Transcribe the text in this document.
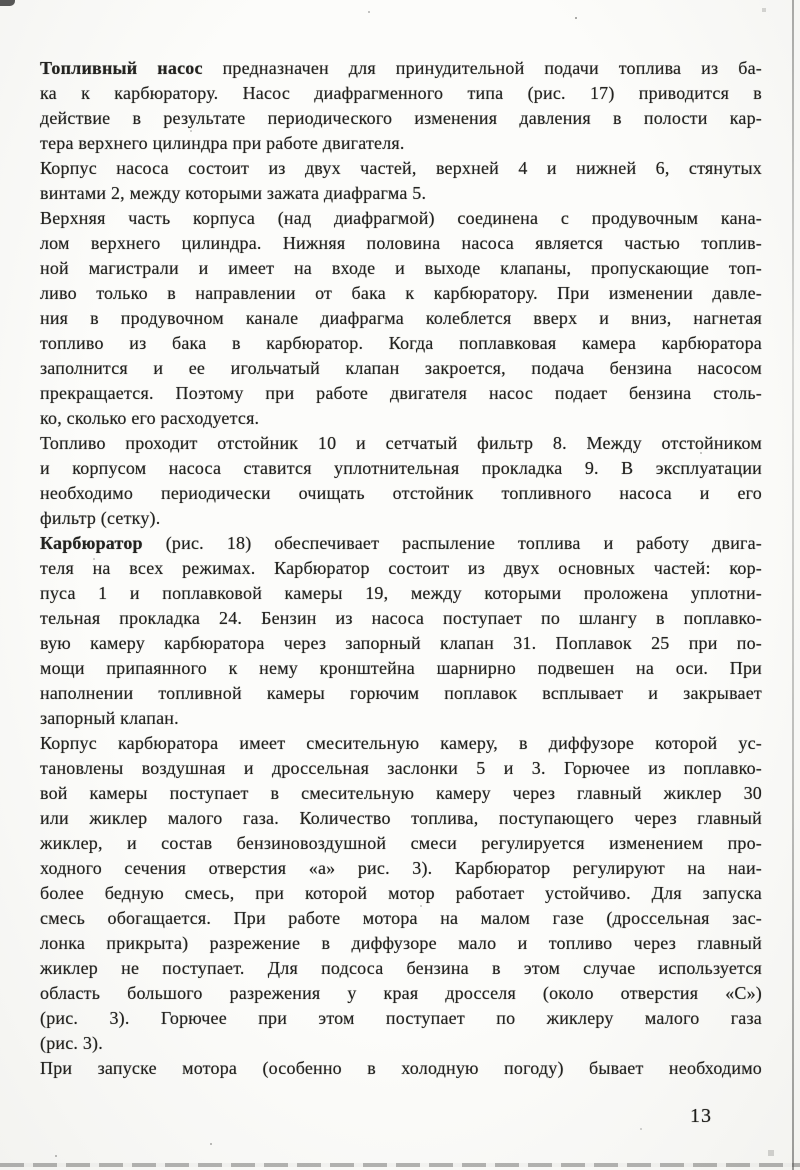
Топливный насос предназначен для принудительной подачи топлива из ба-
ка к карбюратору. Насос диафрагменного типа (рис. 17) приводится в
действие в результате периодического изменения давления в полости кар-
тера верхнего цилиндра при работе двигателя.
Корпус насоса состоит из двух частей, верхней 4 и нижней 6, стянутых
винтами 2, между которыми зажата диафрагма 5.
Верхняя часть корпуса (над диафрагмой) соединена с продувочным кана-
лом верхнего цилиндра. Нижняя половина насоса является частью топлив-
ной магистрали и имеет на входе и выходе клапаны, пропускающие топ-
ливо только в направлении от бака к карбюратору. При изменении давле-
ния в продувочном канале диафрагма колеблется вверх и вниз, нагнетая
топливо из бака в карбюратор. Когда поплавковая камера карбюратора
заполнится и ее игольчатый клапан закроется, подача бензина насосом
прекращается. Поэтому при работе двигателя насос подает бензина столь-
ко, сколько его расходуется.
Топливо проходит отстойник 10 и сетчатый фильтр 8. Между отстойником
и корпусом насоса ставится уплотнительная прокладка 9. В эксплуатации
необходимо периодически очищать отстойник топливного насоса и его
фильтр (сетку).
Карбюратор (рис. 18) обеспечивает распыление топлива и работу двига-
теля на всех режимах. Карбюратор состоит из двух основных частей: кор-
пуса 1 и поплавковой камеры 19, между которыми проложена уплотни-
тельная прокладка 24. Бензин из насоса поступает по шлангу в поплавко-
вую камеру карбюратора через запорный клапан 31. Поплавок 25 при по-
мощи припаянного к нему кронштейна шарнирно подвешен на оси. При
наполнении топливной камеры горючим поплавок всплывает и закрывает
запорный клапан.
Корпус карбюратора имеет смесительную камеру, в диффузоре которой ус-
тановлены воздушная и дроссельная заслонки 5 и 3. Горючее из поплавко-
вой камеры поступает в смесительную камеру через главный жиклер 30
или жиклер малого газа. Количество топлива, поступающего через главный
жиклер, и состав бензиновоздушной смеси регулируется изменением про-
ходного сечения отверстия «а» рис. 3). Карбюратор регулируют на наи-
более бедную смесь, при которой мотор работает устойчиво. Для запуска
смесь обогащается. При работе мотора на малом газе (дроссельная зас-
лонка прикрыта) разрежение в диффузоре мало и топливо через главный
жиклер не поступает. Для подсоса бензина в этом случае используется
область большого разрежения у края дросселя (около отверстия «С»)
(рис. 3). Горючее при этом поступает по жиклеру малого газа
(рис. 3).
При запуске мотора (особенно в холодную погоду) бывает необходимо
13
